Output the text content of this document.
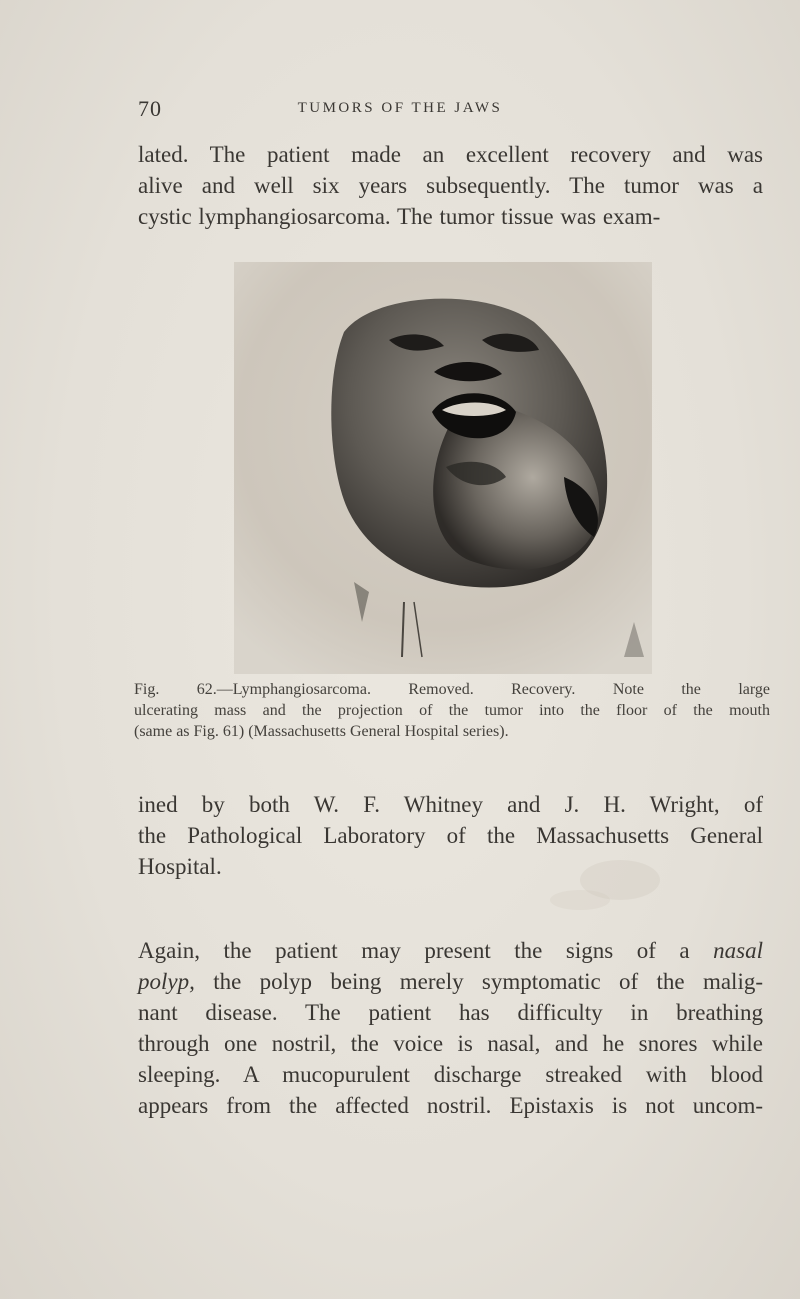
70	TUMORS OF THE JAWS
lated. The patient made an excellent recovery and was
alive and well six years subsequently. The tumor was a
cystic lymphangiosarcoma. The tumor tissue was exam-
Fig. 62.—Lymphangiosarcoma. Removed. Recovery. Note the large
ulcerating mass and the projection of the tumor into the floor of the mouth
(same as Fig. 61) (Massachusetts General Hospital series).
ined by both W. F. Whitney and J. H. Wright, of
the Pathological Laboratory of the Massachusetts General
Hospital.
Again, the patient may present the signs of a nasal
polyp, the polyp being merely symptomatic of the malig-
nant disease. The patient has difficulty in breathing
through one nostril, the voice is nasal, and he snores while
sleeping. A mucopurulent discharge streaked with blood
appears from the affected nostril. Epistaxis is not uncom-
